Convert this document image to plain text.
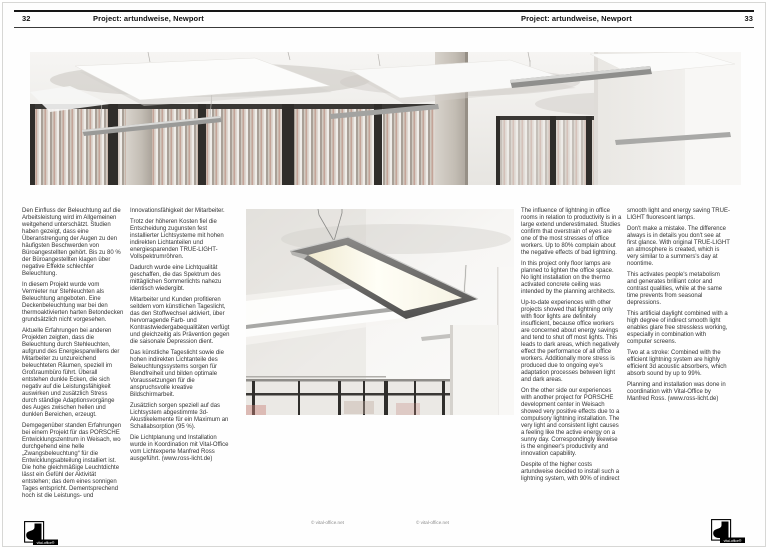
32	Project: artundweise, Newport	Project: artundweise, Newport	33

Den Einfluss der Beleuchtung auf die Arbeitsleistung wird im Allgemeinen weitgehend unterschätzt. Studien haben gezeigt, dass eine Überanstrengung der Augen zu den häufigsten Beschwerden von Büroangestellten gehört. Bis zu 80 % der Büroangestellten klagen über negative Effekte schlechter Beleuchtung.

In diesem Projekt wurde vom Vermieter nur Stehleuchten als Beleuchtung angeboten. Eine Deckenbeleuchtung war bei den thermoaktivierten harten Betondecken grundsätzlich nicht vorgesehen.

Aktuelle Erfahrungen bei anderen Projekten zeigten, dass die Beleuchtung durch Stehleuchten, aufgrund des Energiesparwillens der Mitarbeiter zu unzureichend beleuchteten Räumen, speziell im Großraumbüro führt. Überall entstehen dunkle Ecken, die sich negativ auf die Leistungsfähigkeit auswirken und zusätzlich Stress durch ständige Adaptionsvorgänge des Auges zwischen hellen und dunklen Bereichen, erzeugt.

Demgegenüber standen Erfahrungen bei einem Projekt für das PORSCHE Entwicklungszentrum in Weisach, wo durchgehend eine helle „Zwangsbeleuchtung“ für die Entwicklungsabteilung installiert ist. Die hohe gleichmäßige Leuchtdichte lässt ein Gefühl der Aktivität entstehen; das dem eines sonnigen Tages entspricht. Dementsprechend hoch ist die Leistungs- und

Innovationsfähigkeit der Mitarbeiter.

Trotz der höheren Kosten fiel die Entscheidung zugunsten fest installierter Lichtsysteme mit hohen indirekten Lichtanteilen und energiesparenden TRUE-LIGHT-Vollspektrumröhren.

Dadurch wurde eine Lichtqualität geschaffen, die das Spektrum des mittäglichen Sommerlichts nahezu identisch wiedergibt.

Mitarbeiter und Kunden profitieren seitdem vom künstlichen Tageslicht, das den Stoffwechsel aktiviert, über hervorragende Farb- und Kontrastwiedergabequalitäten verfügt und gleichzeitig als Prävention gegen die saisonale Depression dient.

Das künstliche Tageslicht sowie die hohen indirekten Lichtanteile des Beleuchtungssystems sorgen für Blendfreiheit und bilden optimale Voraussetzungen für die anspruchsvolle kreative Bildschirmarbeit.

Zusätzlich sorgen speziell auf das Lichtsystem abgestimmte 3d-Akustikelemente für ein Maximum an Schallabsorption (95 %).

Die Lichtplanung und Installation wurde in Koordination mit Vital-Office vom Lichtexperte Manfred Ross ausgeführt. (www.ross-licht.de)

© vital-office.net	© vital-office.net

The influence of lightning in office rooms in relation to productivity is in a large extend underestimated. Studies confirm that overstrain of eyes are one of the most stresses of office workers. Up to 80% complain about the negative effects of bad lightning.

In this project only floor lamps are planned to lighten the office space. No light installation on the thermo activated concrete ceiling was intended by the planning architects.

Up-to-date experiences with other projects showed that lightning only with floor lights are definitely insufficient, because office workers are concerned about energy savings and tend to shut off most lights. This leads to dark areas, which negatively effect the performance of all office workers. Additionally more stress is produced due to ongoing eye's adaptation processes between light and dark areas.

On the other side our experiences with another project for PORSCHE development center in Weisach showed very positive effects due to a compulsory lightning installation. The very light and consistent light causes a feeling like the active energy on a sunny day. Correspondingly likewise is the engineer's productivity and innovation capability.

Despite of the higher costs artundweise decided to install such a lightning system, with 90% of indirect

smooth light and energy saving TRUE-LIGHT fluorescent lamps.

Don't make a mistake. The difference always is in details you don't see at first glance. With original TRUE-LIGHT an atmosphere is created, which is very similar to a summers's day at noontime.

This activates people's metabolism and generates brilliant color and contrast qualities, while at the same time prevents from seasonal depressions.

This artificial daylight combined with a high degree of indirect smooth light enables glare free stressless working, especially in combination with computer screens.

Two at a stroke: Combined with the efficient lightning system are highly efficient 3d acoustic absorbers, which absorb sound by up to 99%.

Planning and installation was done in coordination with Vital-Office by Manfred Ross. (www.ross-licht.de)

vital-office®	vital-office®
